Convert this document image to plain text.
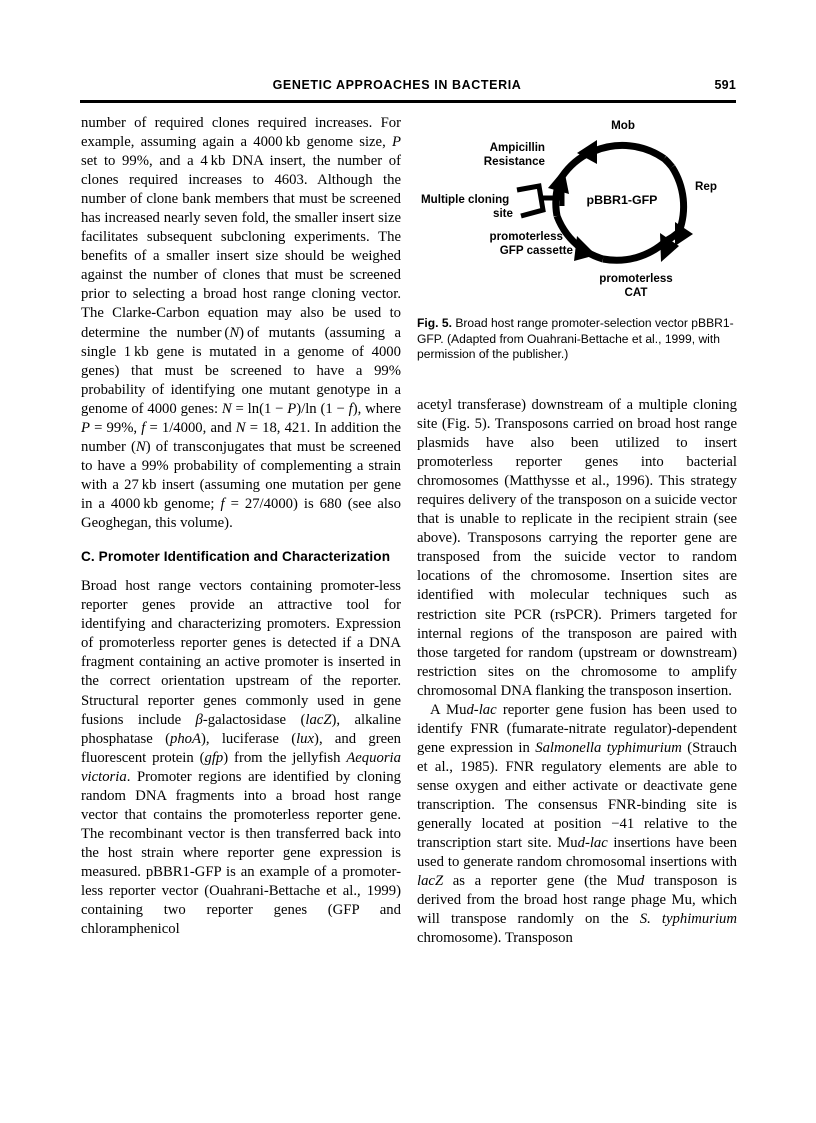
GENETIC APPROACHES IN BACTERIA	591

number of required clones required increases. For example, assuming again a 4000 kb genome size, P set to 99%, and a 4 kb DNA insert, the number of clones required increases to 4603. Although the number of clone bank members that must be screened has increased nearly seven fold, the smaller insert size facilitates subsequent subcloning experiments. The benefits of a smaller insert size should be weighed against the number of clones that must be screened prior to selecting a broad host range cloning vector. The Clarke-Carbon equation may also be used to determine the number (N) of mutants (assuming a single 1 kb gene is mutated in a genome of 4000 genes) that must be screened to have a 99% probability of identifying one mutant genotype in a genome of 4000 genes: N = ln(1 − P)/ln (1 − f), where P = 99%, f = 1/4000, and N = 18, 421. In addition the number (N) of transconjugates that must be screened to have a 99% probability of complementing a strain with a 27 kb insert (assuming one mutation per gene in a 4000 kb genome; f = 27/4000) is 680 (see also Geoghegan, this volume).

C. Promoter Identification and Characterization

Broad host range vectors containing promoter-less reporter genes provide an attractive tool for identifying and characterizing promoters. Expression of promoterless reporter genes is detected if a DNA fragment containing an active promoter is inserted in the correct orientation upstream of the reporter. Structural reporter genes commonly used in gene fusions include β-galactosidase (lacZ), alkaline phosphatase (phoA), luciferase (lux), and green fluorescent protein (gfp) from the jellyfish Aequoria victoria. Promoter regions are identified by cloning random DNA fragments into a broad host range vector that contains the promoterless reporter gene. The recombinant vector is then transferred back into the host strain where reporter gene expression is measured. pBBR1-GFP is an example of a promoter-less reporter vector (Ouahrani-Bettache et al., 1999) containing two reporter genes (GFP and chloramphenicol

pBBR1-GFP
Mob
Rep
Ampicillin
Resistance
Multiple cloning
site
promoterless
GFP cassette
promoterless
CAT
Fig. 5. Broad host range promoter-selection vector pBBR1-GFP. (Adapted from Ouahrani-Bettache et al., 1999, with permission of the publisher.)

acetyl transferase) downstream of a multiple cloning site (Fig. 5). Transposons carried on broad host range plasmids have also been utilized to insert promoterless reporter genes into bacterial chromosomes (Matthysse et al., 1996). This strategy requires delivery of the transposon on a suicide vector that is unable to replicate in the recipient strain (see above). Transposons carrying the reporter gene are transposed from the suicide vector to random locations of the chromosome. Insertion sites are identified with molecular techniques such as restriction site PCR (rsPCR). Primers targeted for internal regions of the transposon are paired with those targeted for random (upstream or downstream) restriction sites on the chromosome to amplify chromosomal DNA flanking the transposon insertion.

A Mud-lac reporter gene fusion has been used to identify FNR (fumarate-nitrate regulator)-dependent gene expression in Salmonella typhimurium (Strauch et al., 1985). FNR regulatory elements are able to sense oxygen and either activate or deactivate gene transcription. The consensus FNR-binding site is generally located at position −41 relative to the transcription start site. Mud-lac insertions have been used to generate random chromosomal insertions with lacZ as a reporter gene (the Mud transposon is derived from the broad host range phage Mu, which will transpose randomly on the S. typhimurium chromosome). Transposon
